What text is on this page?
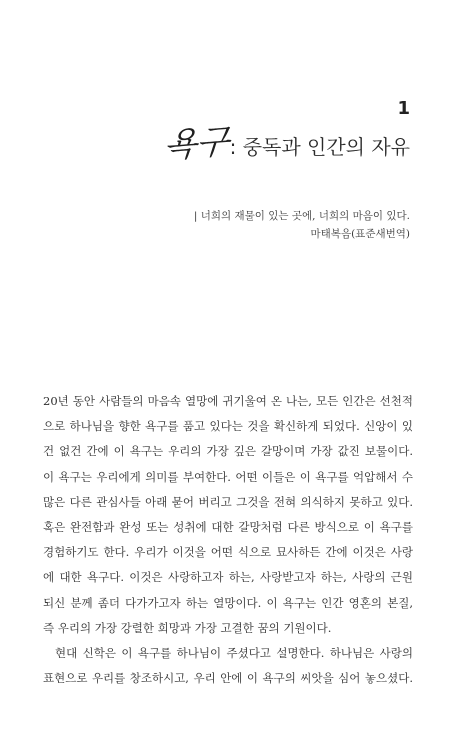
1
욕구 : 중독과 인간의 자유
| 너희의 재물이 있는 곳에, 너희의 마음이 있다.
마태복음(표준새번역)
20년 동안 사람들의 마음속 열망에 귀기울여 온 나는, 모든 인간은 선천적
으로 하나님을 향한 욕구를 품고 있다는 것을 확신하게 되었다. 신앙이 있
건 없건 간에 이 욕구는 우리의 가장 깊은 갈망이며 가장 값진 보물이다.
이 욕구는 우리에게 의미를 부여한다. 어떤 이들은 이 욕구를 억압해서 수
많은 다른 관심사들 아래 묻어 버리고 그것을 전혀 의식하지 못하고 있다.
혹은 완전함과 완성 또는 성취에 대한 갈망처럼 다른 방식으로 이 욕구를
경험하기도 한다. 우리가 이것을 어떤 식으로 묘사하든 간에 이것은 사랑
에 대한 욕구다. 이것은 사랑하고자 하는, 사랑받고자 하는, 사랑의 근원
되신 분께 좀더 다가가고자 하는 열망이다. 이 욕구는 인간 영혼의 본질,
즉 우리의 가장 강렬한 희망과 가장 고결한 꿈의 기원이다.
현대 신학은 이 욕구를 하나님이 주셨다고 설명한다. 하나님은 사랑의
표현으로 우리를 창조하시고, 우리 안에 이 욕구의 씨앗을 심어 놓으셨다.
